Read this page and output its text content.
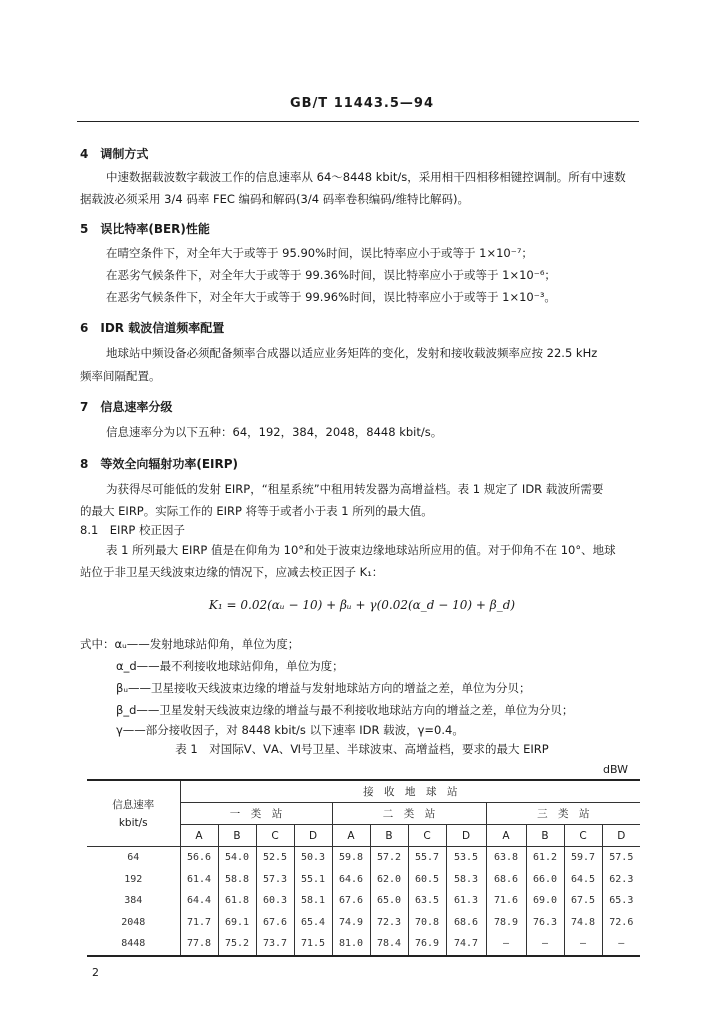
GB/T 11443.5—94
4　调制方式
中速数据载波数字载波工作的信息速率从 64～8448 kbit/s，采用相干四相移相键控调制。所有中速数
据载波必须采用 3/4 码率 FEC 编码和解码(3/4 码率卷积编码/维特比解码)。
5　误比特率(BER)性能
在晴空条件下，对全年大于或等于 95.90%时间，误比特率应小于或等于 1×10⁻⁷；
在恶劣气候条件下，对全年大于或等于 99.36%时间，误比特率应小于或等于 1×10⁻⁶；
在恶劣气候条件下，对全年大于或等于 99.96%时间，误比特率应小于或等于 1×10⁻³。
6　IDR 载波信道频率配置
地球站中频设备必须配备频率合成器以适应业务矩阵的变化，发射和接收载波频率应按 22.5 kHz
频率间隔配置。
7　信息速率分级
信息速率分为以下五种：64，192，384，2048，8448 kbit/s。
8　等效全向辐射功率(EIRP)
为获得尽可能低的发射 EIRP，“租星系统”中租用转发器为高增益档。表 1 规定了 IDR 载波所需要
的最大 EIRP。实际工作的 EIRP 将等于或者小于表 1 所列的最大值。
8.1　EIRP 校正因子
表 1 所列最大 EIRP 值是在仰角为 10°和处于波束边缘地球站所应用的值。对于仰角不在 10°、地球
站位于非卫星天线波束边缘的情况下，应减去校正因子 K₁：
K₁ = 0.02(αᵤ − 10) + βᵤ + γ(0.02(α_d − 10) + β_d)
式中：αᵤ——发射地球站仰角，单位为度；
α_d——最不利接收地球站仰角，单位为度；
βᵤ——卫星接收天线波束边缘的增益与发射地球站方向的增益之差，单位为分贝；
β_d——卫星发射天线波束边缘的增益与最不利接收地球站方向的增益之差，单位为分贝；
γ——部分接收因子，对 8448 kbit/s 以下速率 IDR 载波，γ=0.4。
表 1　对国际Ⅴ、ⅤA、Ⅵ号卫星、半球波束、高增益档，要求的最大 EIRP
dBW
信息速率
kbit/s	接　收　地　球　站											
	一　类　站				二　类　站				三　类　站			
	A	B	C	D	A	B	C	D	A	B	C	D
64	56.6	54.0	52.5	50.3	59.8	57.2	55.7	53.5	63.8	61.2	59.7	57.5
192	61.4	58.8	57.3	55.1	64.6	62.0	60.5	58.3	68.6	66.0	64.5	62.3
384	64.4	61.8	60.3	58.1	67.6	65.0	63.5	61.3	71.6	69.0	67.5	65.3
2048	71.7	69.1	67.6	65.4	74.9	72.3	70.8	68.6	78.9	76.3	74.8	72.6
8448	77.8	75.2	73.7	71.5	81.0	78.4	76.9	74.7	—	—	—	—
2
